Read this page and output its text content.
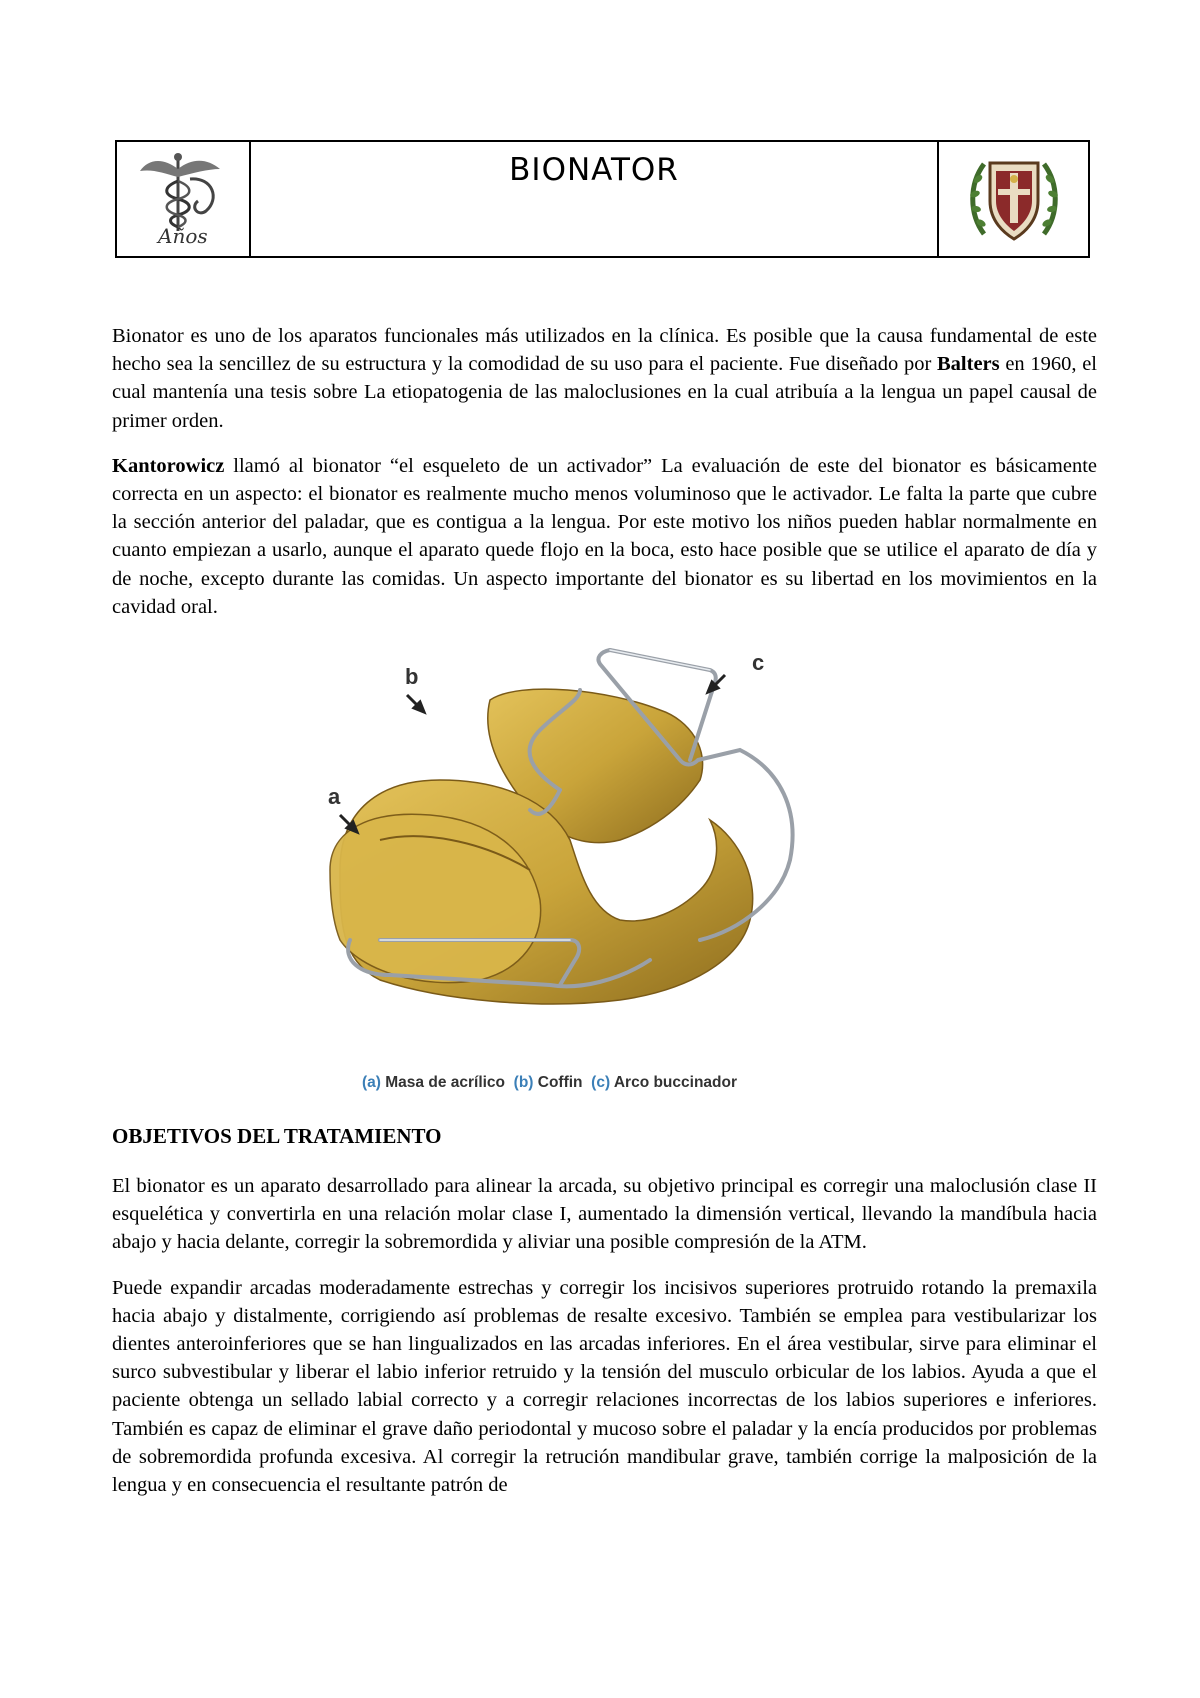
Años
BIONATOR

Bionator es uno de los aparatos funcionales más utilizados en la clínica. Es posible que la causa fundamental de este hecho sea la sencillez de su estructura y la comodidad de su uso para el paciente. Fue diseñado por Balters en 1960, el cual mantenía una tesis sobre La etiopatogenia de las maloclusiones en la cual atribuía a la lengua un papel causal de primer orden.

Kantorowicz llamó al bionator “el esqueleto de un activador” La evaluación de este del bionator es básicamente correcta en un aspecto: el bionator es realmente mucho menos voluminoso que le activador. Le falta la parte que cubre la sección anterior del paladar, que es contigua a la lengua. Por este motivo los niños pueden hablar normalmente en cuanto empiezan a usarlo, aunque el aparato quede flojo en la boca, esto hace posible que se utilice el aparato de día y de noche, excepto durante las comidas. Un aspecto importante del bionator es su libertad en los movimientos en la cavidad oral.

b
a
c
(a) Masa de acrílico (b) Coffin (c) Arco buccinador
OBJETIVOS DEL TRATAMIENTO

El bionator es un aparato desarrollado para alinear la arcada, su objetivo principal es corregir una maloclusión clase II esquelética y convertirla en una relación molar clase I, aumentado la dimensión vertical, llevando la mandíbula hacia abajo y hacia delante, corregir la sobremordida y aliviar una posible compresión de la ATM.

Puede expandir arcadas moderadamente estrechas y corregir los incisivos superiores protruido rotando la premaxila hacia abajo y distalmente, corrigiendo así problemas de resalte excesivo. También se emplea para vestibularizar los dientes anteroinferiores que se han lingualizados en las arcadas inferiores. En el área vestibular, sirve para eliminar el surco subvestibular y liberar el labio inferior retruido y la tensión del musculo orbicular de los labios. Ayuda a que el paciente obtenga un sellado labial correcto y a corregir relaciones incorrectas de los labios superiores e inferiores. También es capaz de eliminar el grave daño periodontal y mucoso sobre el paladar y la encía producidos por problemas de sobremordida profunda excesiva. Al corregir la retrución mandibular grave, también corrige la malposición de la lengua y en consecuencia el resultante patrón de
